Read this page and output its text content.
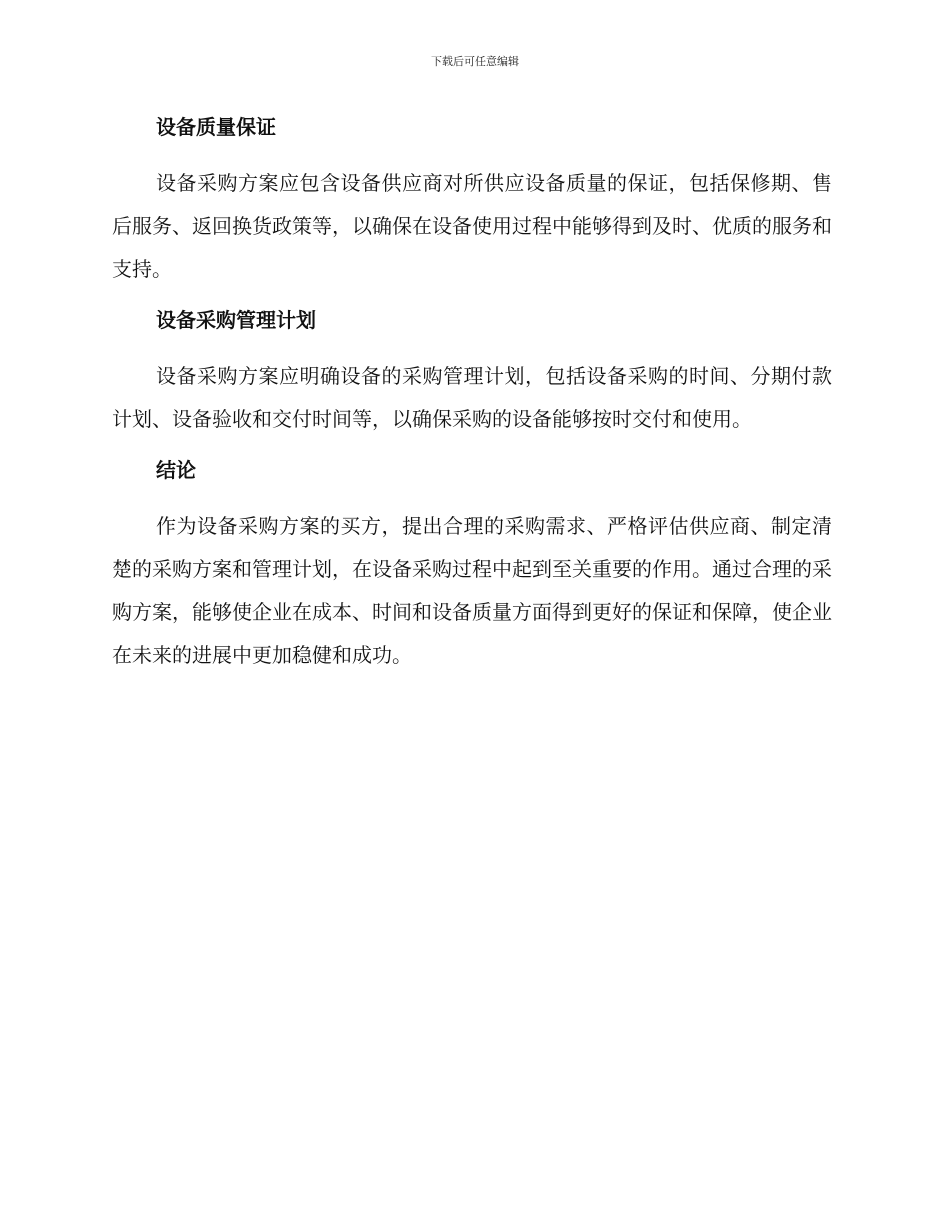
下载后可任意编辑
设备质量保证

设备采购方案应包含设备供应商对所供应设备质量的保证，包括保修期、售后服务、返回换货政策等，以确保在设备使用过程中能够得到及时、优质的服务和支持。

设备采购管理计划

设备采购方案应明确设备的采购管理计划，包括设备采购的时间、分期付款计划、设备验收和交付时间等，以确保采购的设备能够按时交付和使用。

结论

作为设备采购方案的买方，提出合理的采购需求、严格评估供应商、制定清楚的采购方案和管理计划，在设备采购过程中起到至关重要的作用。通过合理的采购方案，能够使企业在成本、时间和设备质量方面得到更好的保证和保障，使企业在未来的进展中更加稳健和成功。
